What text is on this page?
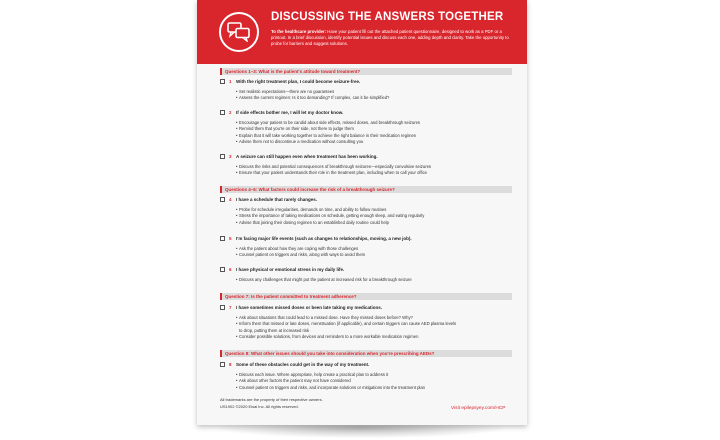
DISCUSSING THE ANSWERS TOGETHER
To the healthcare provider: Have your patient fill out the attached patient questionnaire, designed to work as a PDF or a printout. In a brief discussion, identify potential issues and discuss each one, adding depth and clarity. Take the opportunity to probe for barriers and suggest solutions.
Questions 1–3: What is the patient's attitude toward treatment?
1 With the right treatment plan, I could become seizure-free.
• Set realistic expectations—there are no guarantees
• Assess the current regimen: Is it too demanding? If complex, can it be simplified?
2 If side effects bother me, I will let my doctor know.
• Encourage your patient to be candid about side effects, missed doses, and breakthrough seizures
• Remind them that you're on their side, not there to judge them
• Explain that it will take working together to achieve the right balance in their medication regimen
• Advise them not to discontinue a medication without consulting you
3 A seizure can still happen even when treatment has been working.
• Discuss the risks and potential consequences of breakthrough seizures—especially convulsive seizures
• Ensure that your patient understands their role in the treatment plan, including when to call your office
Questions 4–6: What factors could increase the risk of a breakthrough seizure?
4 I have a schedule that rarely changes.
• Probe for schedule irregularities, demands on time, and ability to follow routines
• Stress the importance of taking medications on schedule, getting enough sleep, and eating regularly
• Advise that joining their dosing regimen to an established daily routine could help
5 I'm facing major life events (such as changes to relationships, moving, a new job).
• Ask the patient about how they are coping with those challenges
• Counsel patient on triggers and risks, along with ways to avoid them
6 I have physical or emotional stress in my daily life.
• Discuss any challenges that might put the patient at increased risk for a breakthrough seizure
Question 7: Is the patient committed to treatment adherence?
7 I have sometimes missed doses or been late taking my medications.
• Ask about situations that could lead to a missed dose. Have they missed doses before? Why?
• Inform them that missed or late doses, menstruation (if applicable), and certain triggers can cause AED plasma levels
to drop, putting them at increased risk
• Consider possible solutions, from devices and reminders to a more workable medication regimen
Question 8: What other issues should you take into consideration when you're prescribing AEDs?
8 Some of these obstacles could get in the way of my treatment.
• Discuss each issue. Where appropriate, help create a practical plan to address it
• Ask about other factors the patient may not have considered
• Counsel patient on triggers and risks, and incorporate solutions or mitigations into the treatment plan
All trademarks are the property of their respective owners.
US1902 ©2020 Eisai Inc. All rights reserved.	Visit epilepsyey.com/HCP
